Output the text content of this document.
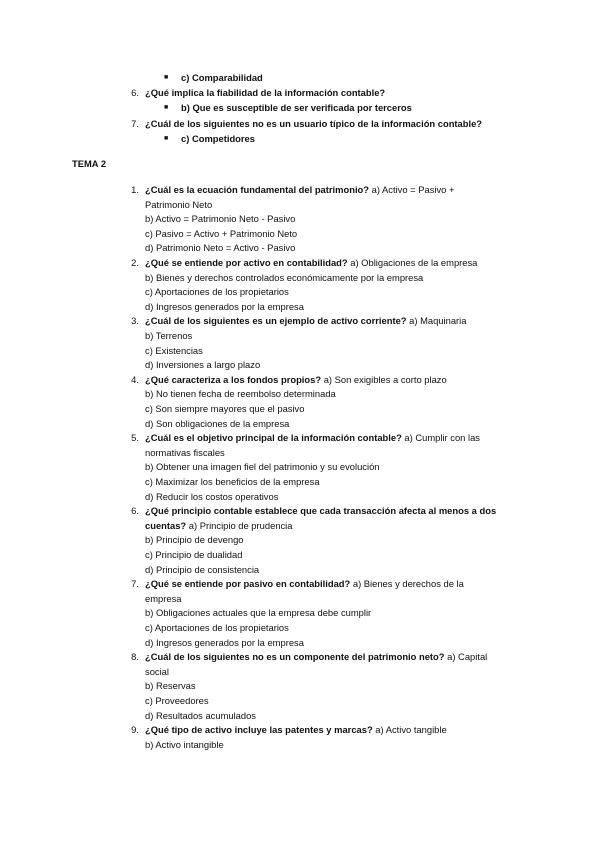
TEMA 2
■ c) Comparabilidad
6. ¿Qué implica la fiabilidad de la información contable?
■ b) Que es susceptible de ser verificada por terceros
7. ¿Cuál de los siguientes no es un usuario típico de la información contable?
■ c) Competidores
1. ¿Cuál es la ecuación fundamental del patrimonio? a) Activo = Pasivo +
Patrimonio Neto
b) Activo = Patrimonio Neto - Pasivo
c) Pasivo = Activo + Patrimonio Neto
d) Patrimonio Neto = Activo - Pasivo
2. ¿Qué se entiende por activo en contabilidad? a) Obligaciones de la empresa
b) Bienes y derechos controlados económicamente por la empresa
c) Aportaciones de los propietarios
d) Ingresos generados por la empresa
3. ¿Cuál de los siguientes es un ejemplo de activo corriente? a) Maquinaria
b) Terrenos
c) Existencias
d) Inversiones a largo plazo
4. ¿Qué caracteriza a los fondos propios? a) Son exigibles a corto plazo
b) No tienen fecha de reembolso determinada
c) Son siempre mayores que el pasivo
d) Son obligaciones de la empresa
5. ¿Cuál es el objetivo principal de la información contable? a) Cumplir con las
normativas fiscales
b) Obtener una imagen fiel del patrimonio y su evolución
c) Maximizar los beneficios de la empresa
d) Reducir los costos operativos
6. ¿Qué principio contable establece que cada transacción afecta al menos a dos
cuentas? a) Principio de prudencia
b) Principio de devengo
c) Principio de dualidad
d) Principio de consistencia
7. ¿Qué se entiende por pasivo en contabilidad? a) Bienes y derechos de la
empresa
b) Obligaciones actuales que la empresa debe cumplir
c) Aportaciones de los propietarios
d) Ingresos generados por la empresa
8. ¿Cuál de los siguientes no es un componente del patrimonio neto? a) Capital
social
b) Reservas
c) Proveedores
d) Resultados acumulados
9. ¿Qué tipo de activo incluye las patentes y marcas? a) Activo tangible
b) Activo intangible
